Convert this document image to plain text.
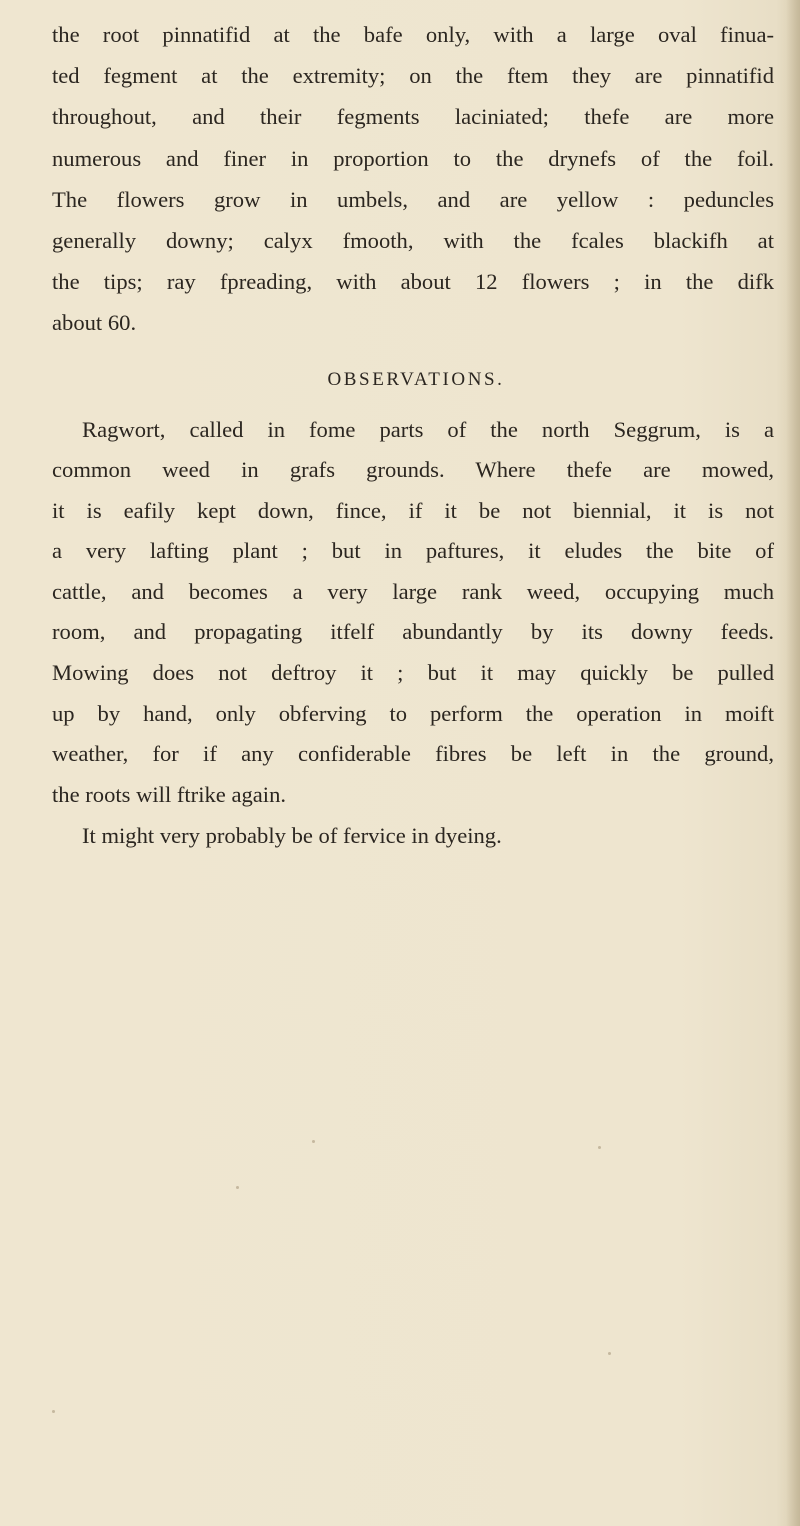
the root pinnatifid at the bafe only, with a large oval finua-
ted fegment at the extremity; on the ftem they are pinnatifid
throughout, and their fegments laciniated; thefe are more
numerous and finer in proportion to the drynefs of the foil.
The flowers grow in umbels, and are yellow : peduncles
generally downy; calyx fmooth, with the fcales blackifh at
the tips; ray fpreading, with about 12 flowers ; in the difk
about 60.
OBSERVATIONS.
Ragwort, called in fome parts of the north Seggrum, is a
common weed in grafs grounds. Where thefe are mowed,
it is eafily kept down, fince, if it be not biennial, it is not
a very lafting plant ; but in paftures, it eludes the bite of
cattle, and becomes a very large rank weed, occupying much
room, and propagating itfelf abundantly by its downy feeds.
Mowing does not deftroy it ; but it may quickly be pulled
up by hand, only obferving to perform the operation in moift
weather, for if any confiderable fibres be left in the ground,
the roots will ftrike again.
It might very probably be of fervice in dyeing.
